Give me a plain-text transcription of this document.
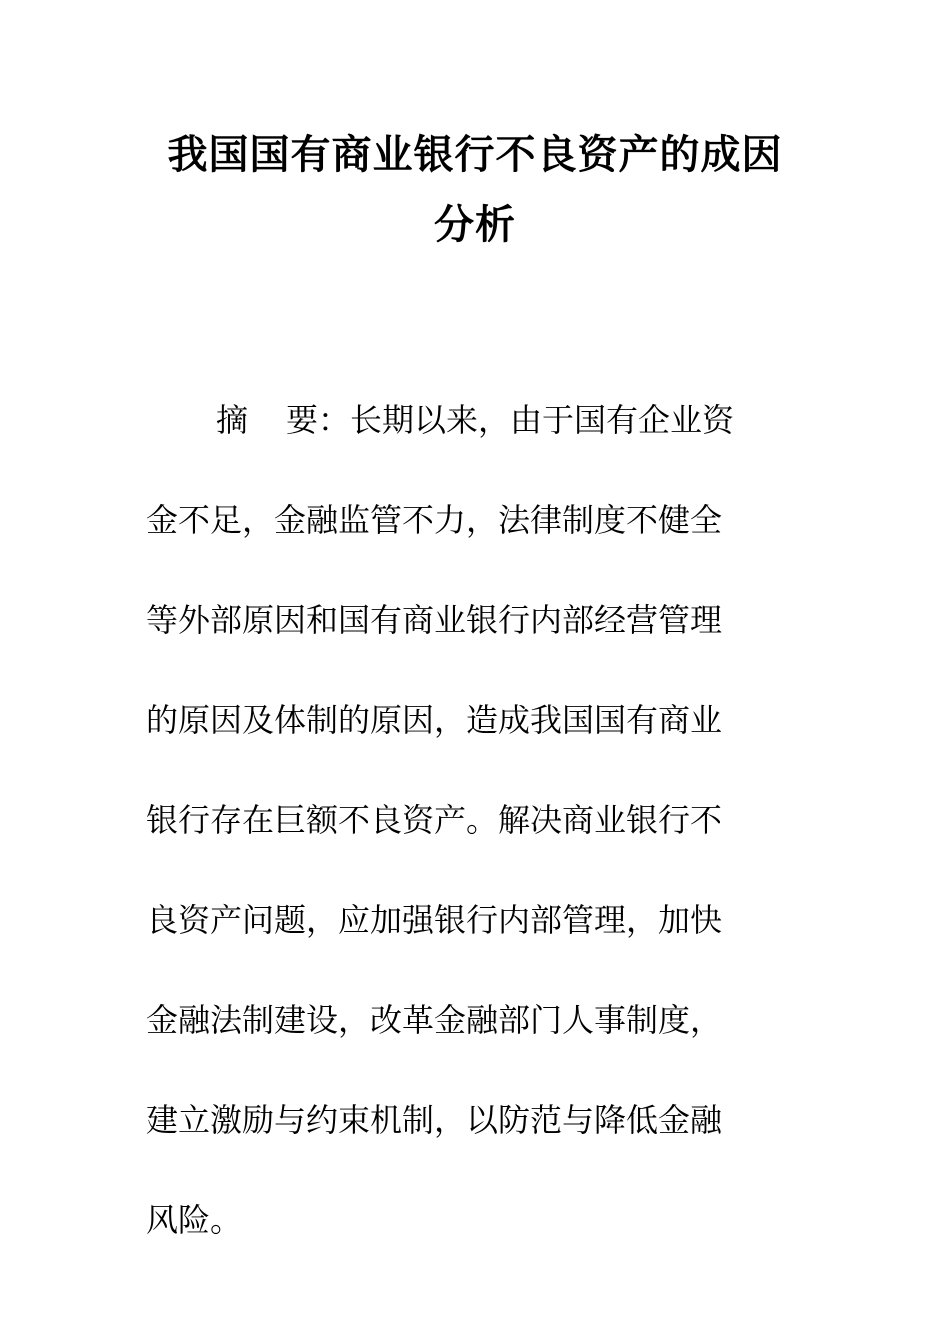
我国国有商业银行不良资产的成因
分析
摘 要：长期以来，由于国有企业资
金不足，金融监管不力，法律制度不健全
等外部原因和国有商业银行内部经营管理
的原因及体制的原因，造成我国国有商业
银行存在巨额不良资产。解决商业银行不
良资产问题，应加强银行内部管理，加快
金融法制建设，改革金融部门人事制度，
建立激励与约束机制，以防范与降低金融
风险。
